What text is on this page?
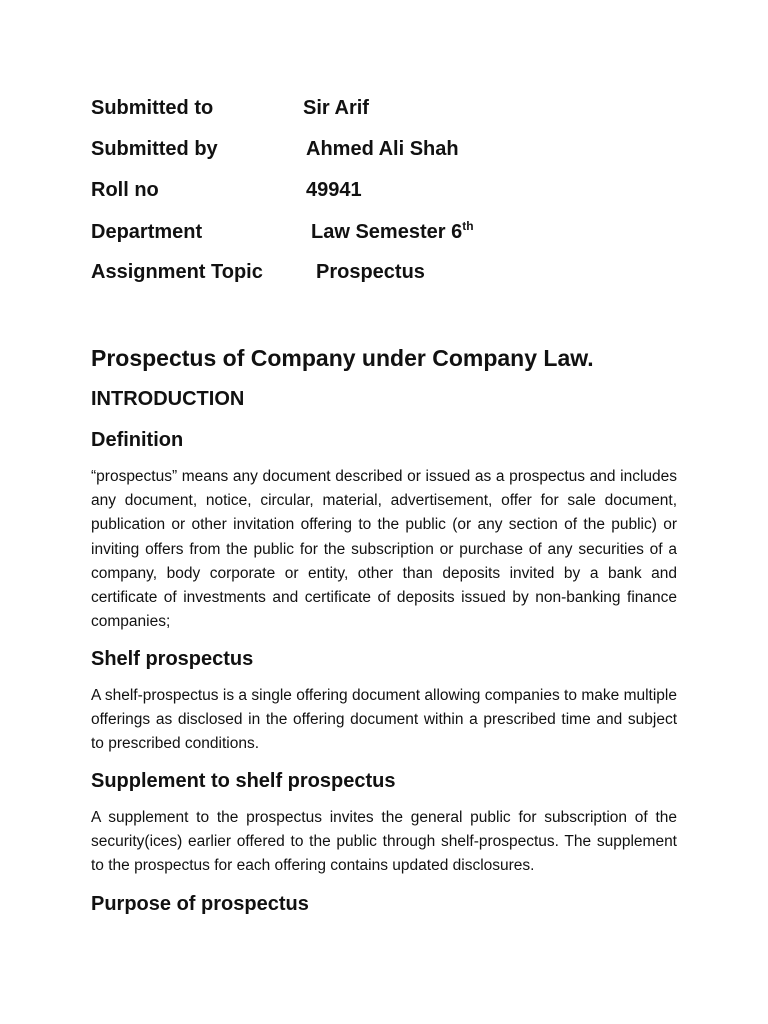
Submitted to	Sir Arif
Submitted by	Ahmed Ali Shah
Roll no	49941
Department	Law Semester 6th
Assignment Topic	Prospectus
Prospectus of Company under Company Law.
INTRODUCTION
Definition
“prospectus” means any document described or issued as a prospectus and includes any document, notice, circular, material, advertisement, offer for sale document, publication or other invitation offering to the public (or any section of the public) or inviting offers from the public for the subscription or purchase of any securities of a company, body corporate or entity, other than deposits invited by a bank and certificate of investments and certificate of deposits issued by non-banking finance companies;
Shelf prospectus
A shelf-prospectus is a single offering document allowing companies to make multiple offerings as disclosed in the offering document within a prescribed time and subject to prescribed conditions.
Supplement to shelf prospectus
A supplement to the prospectus invites the general public for subscription of the security(ices) earlier offered to the public through shelf-prospectus. The supplement to the prospectus for each offering contains updated disclosures.
Purpose of prospectus
